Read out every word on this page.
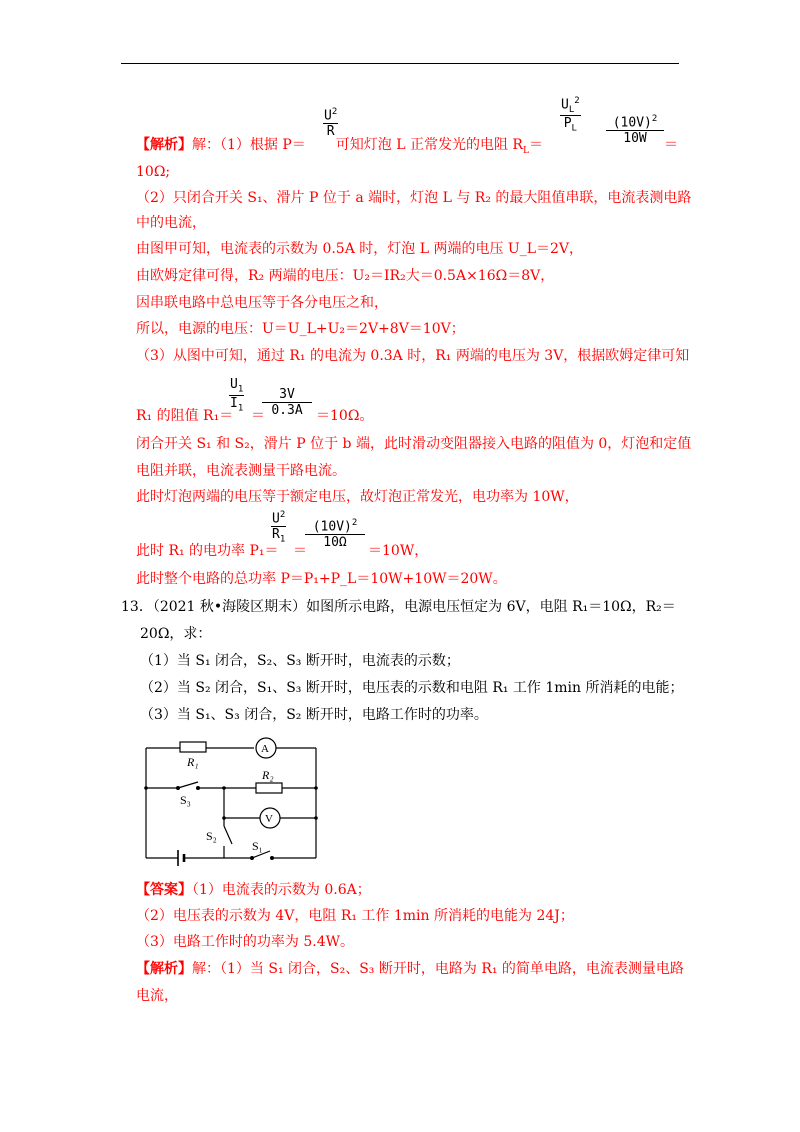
$U^2$
R
$U_L^2$
$P_L$	$(10V)^2$
10W
【解析】解：（1）根据 P＝ 可知灯泡 L 正常发光的电阻 $R_L=$	＝
10Ω;
（2）只闭合开关 S₁、滑片 P 位于 a 端时，灯泡 L 与 R₂ 的最大阻值串联，电流表测电路
中的电流，
由图甲可知，电流表的示数为 0.5A 时，灯泡 L 两端的电压 U_L＝2V，
由欧姆定律可得，R₂ 两端的电压：U₂＝IR₂大＝0.5A×16Ω＝8V，
因串联电路中总电压等于各分电压之和，
所以，电源的电压：U＝U_L+U₂＝2V+8V＝10V；
（3）从图中可知，通过 R₁ 的电流为 0.3A 时，R₁ 两端的电压为 3V，根据欧姆定律可知
$U_1$
$I_1$
3V
0.3A
R₁ 的阻值 R₁＝ ＝	＝10Ω。
闭合开关 S₁ 和 S₂，滑片 P 位于 b 端，此时滑动变阻器接入电路的阻值为 0，灯泡和定值
电阻并联，电流表测量干路电流。
此时灯泡两端的电压等于额定电压，故灯泡正常发光，电功率为 10W，
$U^2$
$R_1$
$(10V)^2$
10Ω
此时 R₁ 的电功率 P₁＝ ＝	＝10W，
此时整个电路的总功率 P＝P₁+P_L＝10W+10W＝20W。
13．（2021 秋•海陵区期末）如图所示电路，电源电压恒定为 6V，电阻 R₁＝10Ω，R₂＝
20Ω，求：
（1）当 S₁ 闭合，S₂、S₃ 断开时，电流表的示数；
（2）当 S₂ 闭合，S₁、S₃ 断开时，电压表的示数和电阻 R₁ 工作 1min 所消耗的电能；
（3）当 S₁、S₃ 闭合，S₂ 断开时，电路工作时的功率。
R₁
R₂
A
V
S₃
S₂
S₁
【答案】（1）电流表的示数为 0.6A；
（2）电压表的示数为 4V，电阻 R₁ 工作 1min 所消耗的电能为 24J；
（3）电路工作时的功率为 5.4W。
【解析】解：（1）当 S₁ 闭合，S₂、S₃ 断开时，电路为 R₁ 的简单电路，电流表测量电路
电流，
